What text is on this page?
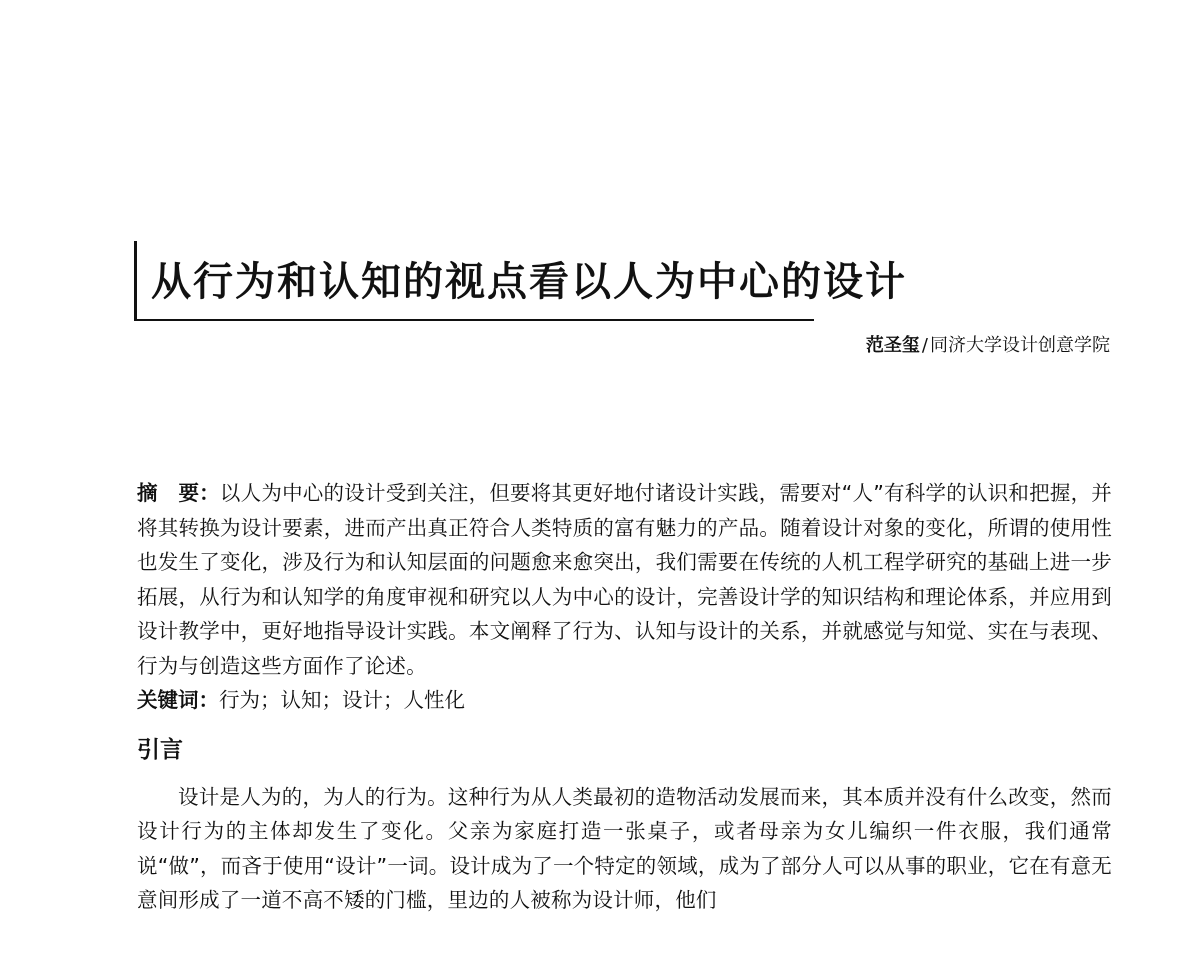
从行为和认知的视点看以人为中心的设计
范圣玺 / 同济大学设计创意学院

摘　要：以人为中心的设计受到关注，但要将其更好地付诸设计实践，需要对“人”有科学的认识和把握，并将其转换为设计要素，进而产出真正符合人类特质的富有魅力的产品。随着设计对象的变化，所谓的使用性也发生了变化，涉及行为和认知层面的问题愈来愈突出，我们需要在传统的人机工程学研究的基础上进一步拓展，从行为和认知学的角度审视和研究以人为中心的设计，完善设计学的知识结构和理论体系，并应用到设计教学中，更好地指导设计实践。本文阐释了行为、认知与设计的关系，并就感觉与知觉、实在与表现、行为与创造这些方面作了论述。

关键词：行为；认知；设计；人性化

引言

设计是人为的，为人的行为。这种行为从人类最初的造物活动发展而来，其本质并没有什么改变，然而设计行为的主体却发生了变化。父亲为家庭打造一张桌子，或者母亲为女儿编织一件衣服，我们通常说“做”，而吝于使用“设计”一词。设计成为了一个特定的领域，成为了部分人可以从事的职业，它在有意无意间形成了一道不高不矮的门槛，里边的人被称为设计师，他们
